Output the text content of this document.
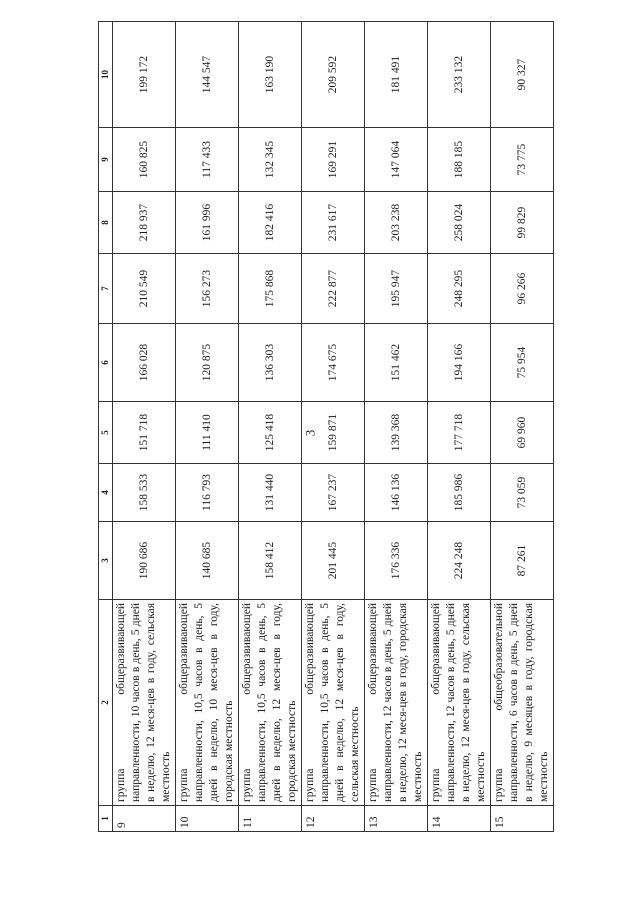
3
1	2	3	4	5	6	7	8	9	10
9	группа общеразвивающей направленности, 10 часов в день, 5 дней в неделю, 12 меся-цев в году, сельская местность	190 686	158 533	151 718	166 028	210 549	218 937	160 825	199 172
10	группа общеразвивающей направленности, 10,5 часов в день, 5 дней в неделю, 10 меся-цев в году, городская местность	140 685	116 793	111 410	120 875	156 273	161 996	117 433	144 547
11	группа общеразвивающей направленности, 10,5 часов в день, 5 дней в неделю, 12 меся-цев в году, городская местность	158 412	131 440	125 418	136 303	175 868	182 416	132 345	163 190
12	группа общеразвивающей направленности, 10,5 часов в день, 5 дней в неделю, 12 меся-цев в году, сельская местность	201 445	167 237	159 871	174 675	222 877	231 617	169 291	209 592
13	группа общеразвивающей направленности, 12 часов в день, 5 дней в неделю, 12 меся-цев в году, городская местность	176 336	146 136	139 368	151 462	195 947	203 238	147 064	181 491
14	группа общеразвивающей направленности, 12 часов в день, 5 дней в неделю, 12 меся-цев в году, сельская местность	224 248	185 986	177 718	194 166	248 295	258 024	188 185	233 132
15	группа общеобразовательной направленности, 6 часов в день, 5 дней в неделю, 9 месяцев в году, городская местность	87 261	73 059	69 960	75 954	96 266	99 829	73 775	90 327
